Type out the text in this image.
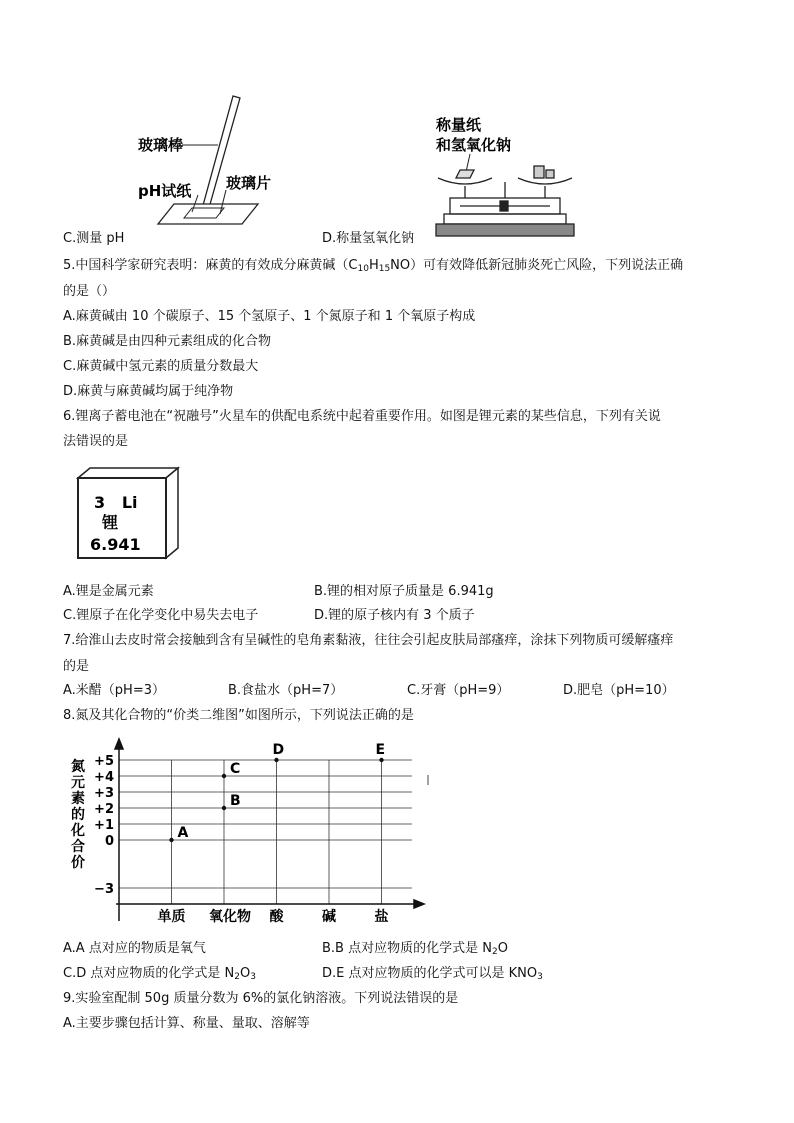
玻璃棒
pH试纸 玻璃片
称量纸
和氢氧化钠
C.测量 pH	D.称量氢氧化钠
5.中国科学家研究表明：麻黄的有效成分麻黄碱$(C_{10}H_{15}NO)$可有效降低新冠肺炎死亡风险，下列说法正确
的是（）
A.麻黄碱由 10 个碳原子、15 个氢原子、1 个氮原子和 1 个氧原子构成
B.麻黄碱是由四种元素组成的化合物
C.麻黄碱中氢元素的质量分数最大
D.麻黄与麻黄碱均属于纯净物
6.锂离子蓄电池在“祝融号”火星车的供配电系统中起着重要作用。如图是锂元素的某些信息，下列有关说
法错误的是
3   Li
锂
6.941
A.锂是金属元素	B.锂的相对原子质量是 6.941g
C.锂原子在化学变化中易失去电子	D.锂的原子核内有 3 个质子
7.给淮山去皮时常会接触到含有呈碱性的皂角素黏液，往往会引起皮肤局部瘙痒，涂抹下列物质可缓解瘙痒
的是
A.米醋（pH=3）	B.食盐水（pH=7）	C.牙膏（pH=9）	D.肥皂（pH=10）
8.氮及其化合物的“价类二维图”如图所示，下列说法正确的是
氮
元
素
的
化
合
价
+5
+4
+3
+2
+1
0
−3
单质 氧化物 酸	碱	盐
A
B
C
D	E
A.A 点对应的物质是氧气	B.B 点对应物质的化学式是 $N_2O$
C.D 点对应物质的化学式是 $N_2O_3$	D.E 点对应物质的化学式可以是 $KNO_3$
9.实验室配制 50g 质量分数为 6%的氯化钠溶液。下列说法错误的是
A.主要步骤包括计算、称量、量取、溶解等
